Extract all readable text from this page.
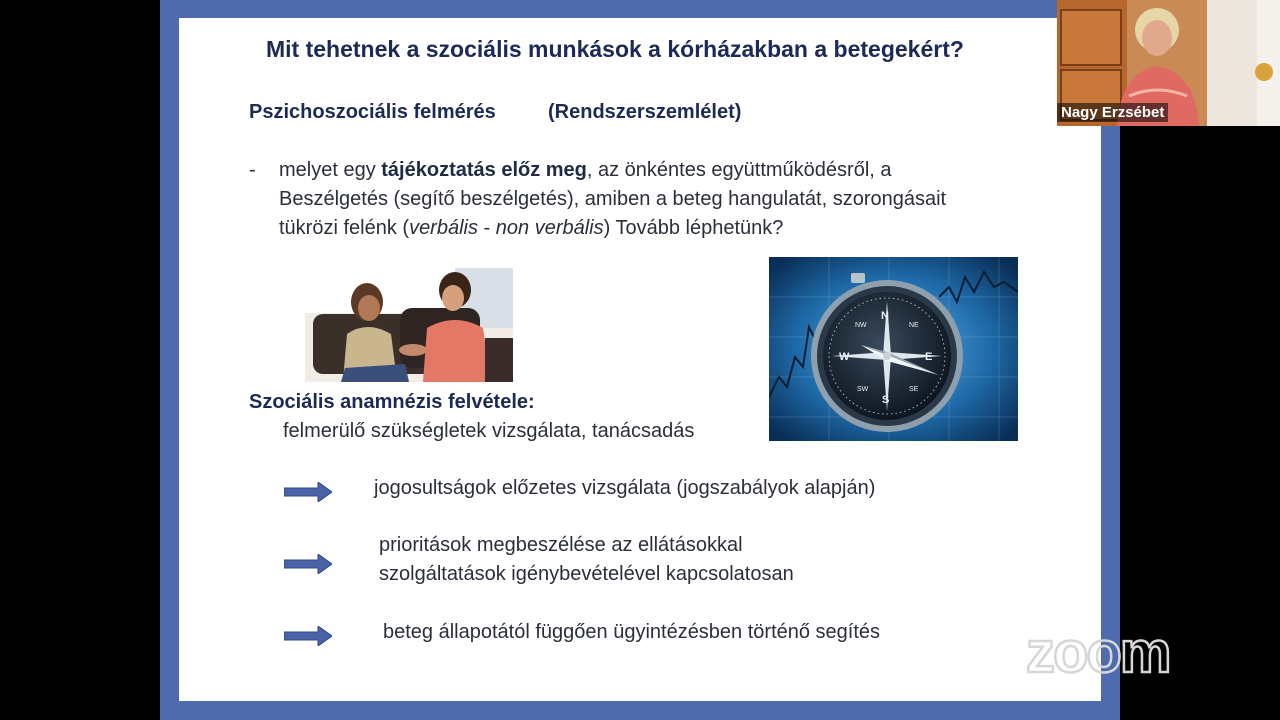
Mit tehetnek a szociális munkások a kórházakban a betegekért?
Pszichoszociális felmérés	(Rendszerszemlélet)
- melyet egy tájékoztatás előz meg, az önkéntes együttműködésről, a
Beszélgetés (segítő beszélgetés), amiben a beteg hangulatát, szorongásait
tükrözi felénk (verbális - non verbális) Tovább léphetünk?
N
S
E
W
NE
SW
NW
SE
Szociális anamnézis felvétele:
felmerülő szükségletek vizsgálata, tanácsadás
jogosultságok előzetes vizsgálata (jogszabályok alapján)
prioritások megbeszélése az ellátásokkal
szolgáltatások igénybevételével kapcsolatosan
beteg állapotától függően ügyintézésben történő segítés
Nagy Erzsébet
zoom
